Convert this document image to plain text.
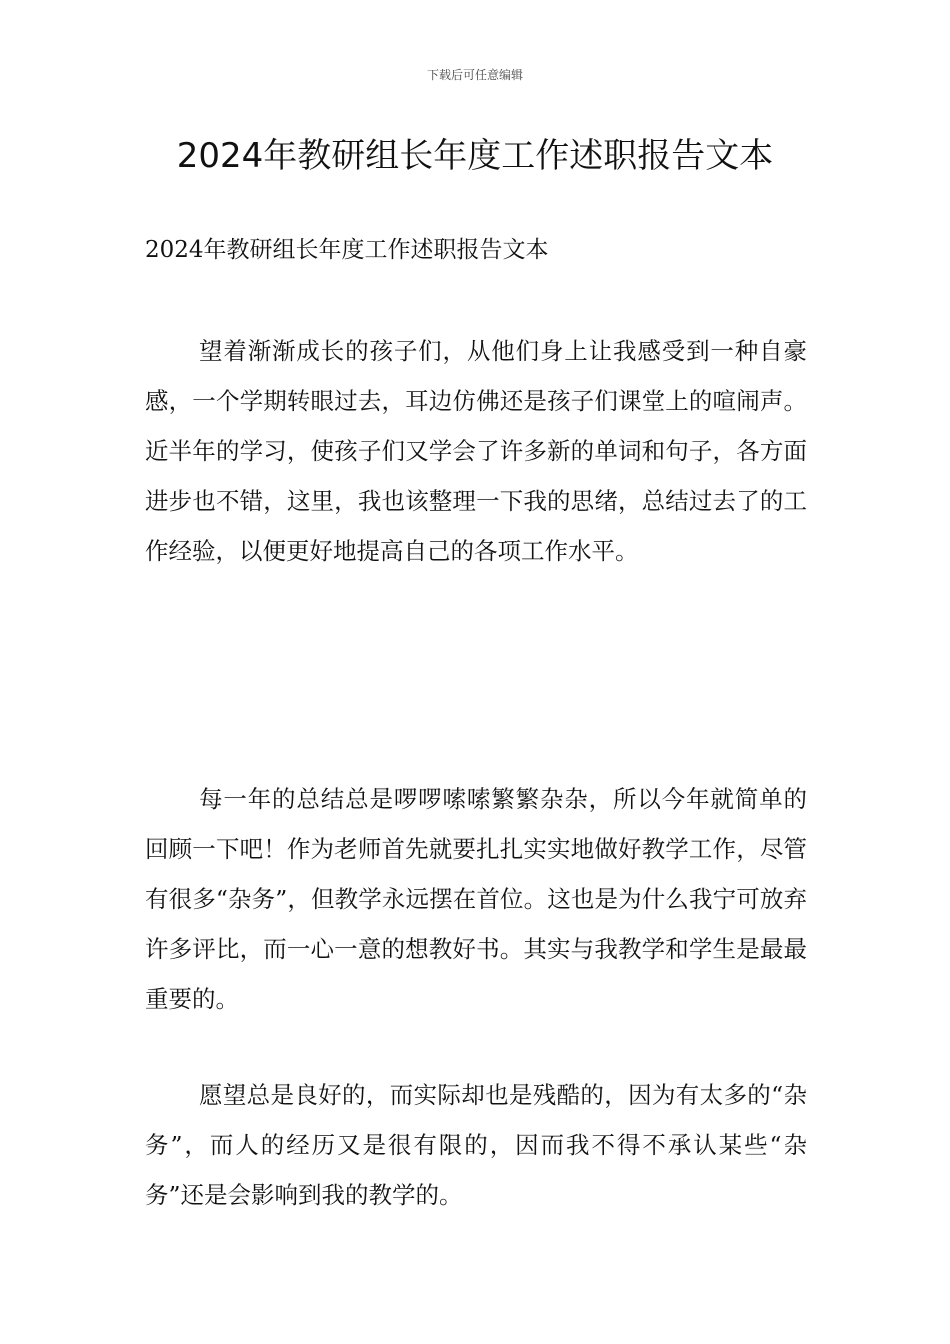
下载后可任意编辑
2024年教研组长年度工作述职报告文本
2024年教研组长年度工作述职报告文本

望着渐渐成长的孩子们，从他们身上让我感受到一种自豪感，一个学期转眼过去，耳边仿佛还是孩子们课堂上的喧闹声。近半年的学习，使孩子们又学会了许多新的单词和句子，各方面进步也不错，这里，我也该整理一下我的思绪，总结过去了的工作经验，以便更好地提高自己的各项工作水平。

每一年的总结总是啰啰嗦嗦繁繁杂杂，所以今年就简单的回顾一下吧！作为老师首先就要扎扎实实地做好教学工作，尽管有很多“杂务”，但教学永远摆在首位。这也是为什么我宁可放弃许多评比，而一心一意的想教好书。其实与我教学和学生是最最重要的。

愿望总是良好的，而实际却也是残酷的，因为有太多的“杂务”，而人的经历又是很有限的，因而我不得不承认某些“杂务”还是会影响到我的教学的。
